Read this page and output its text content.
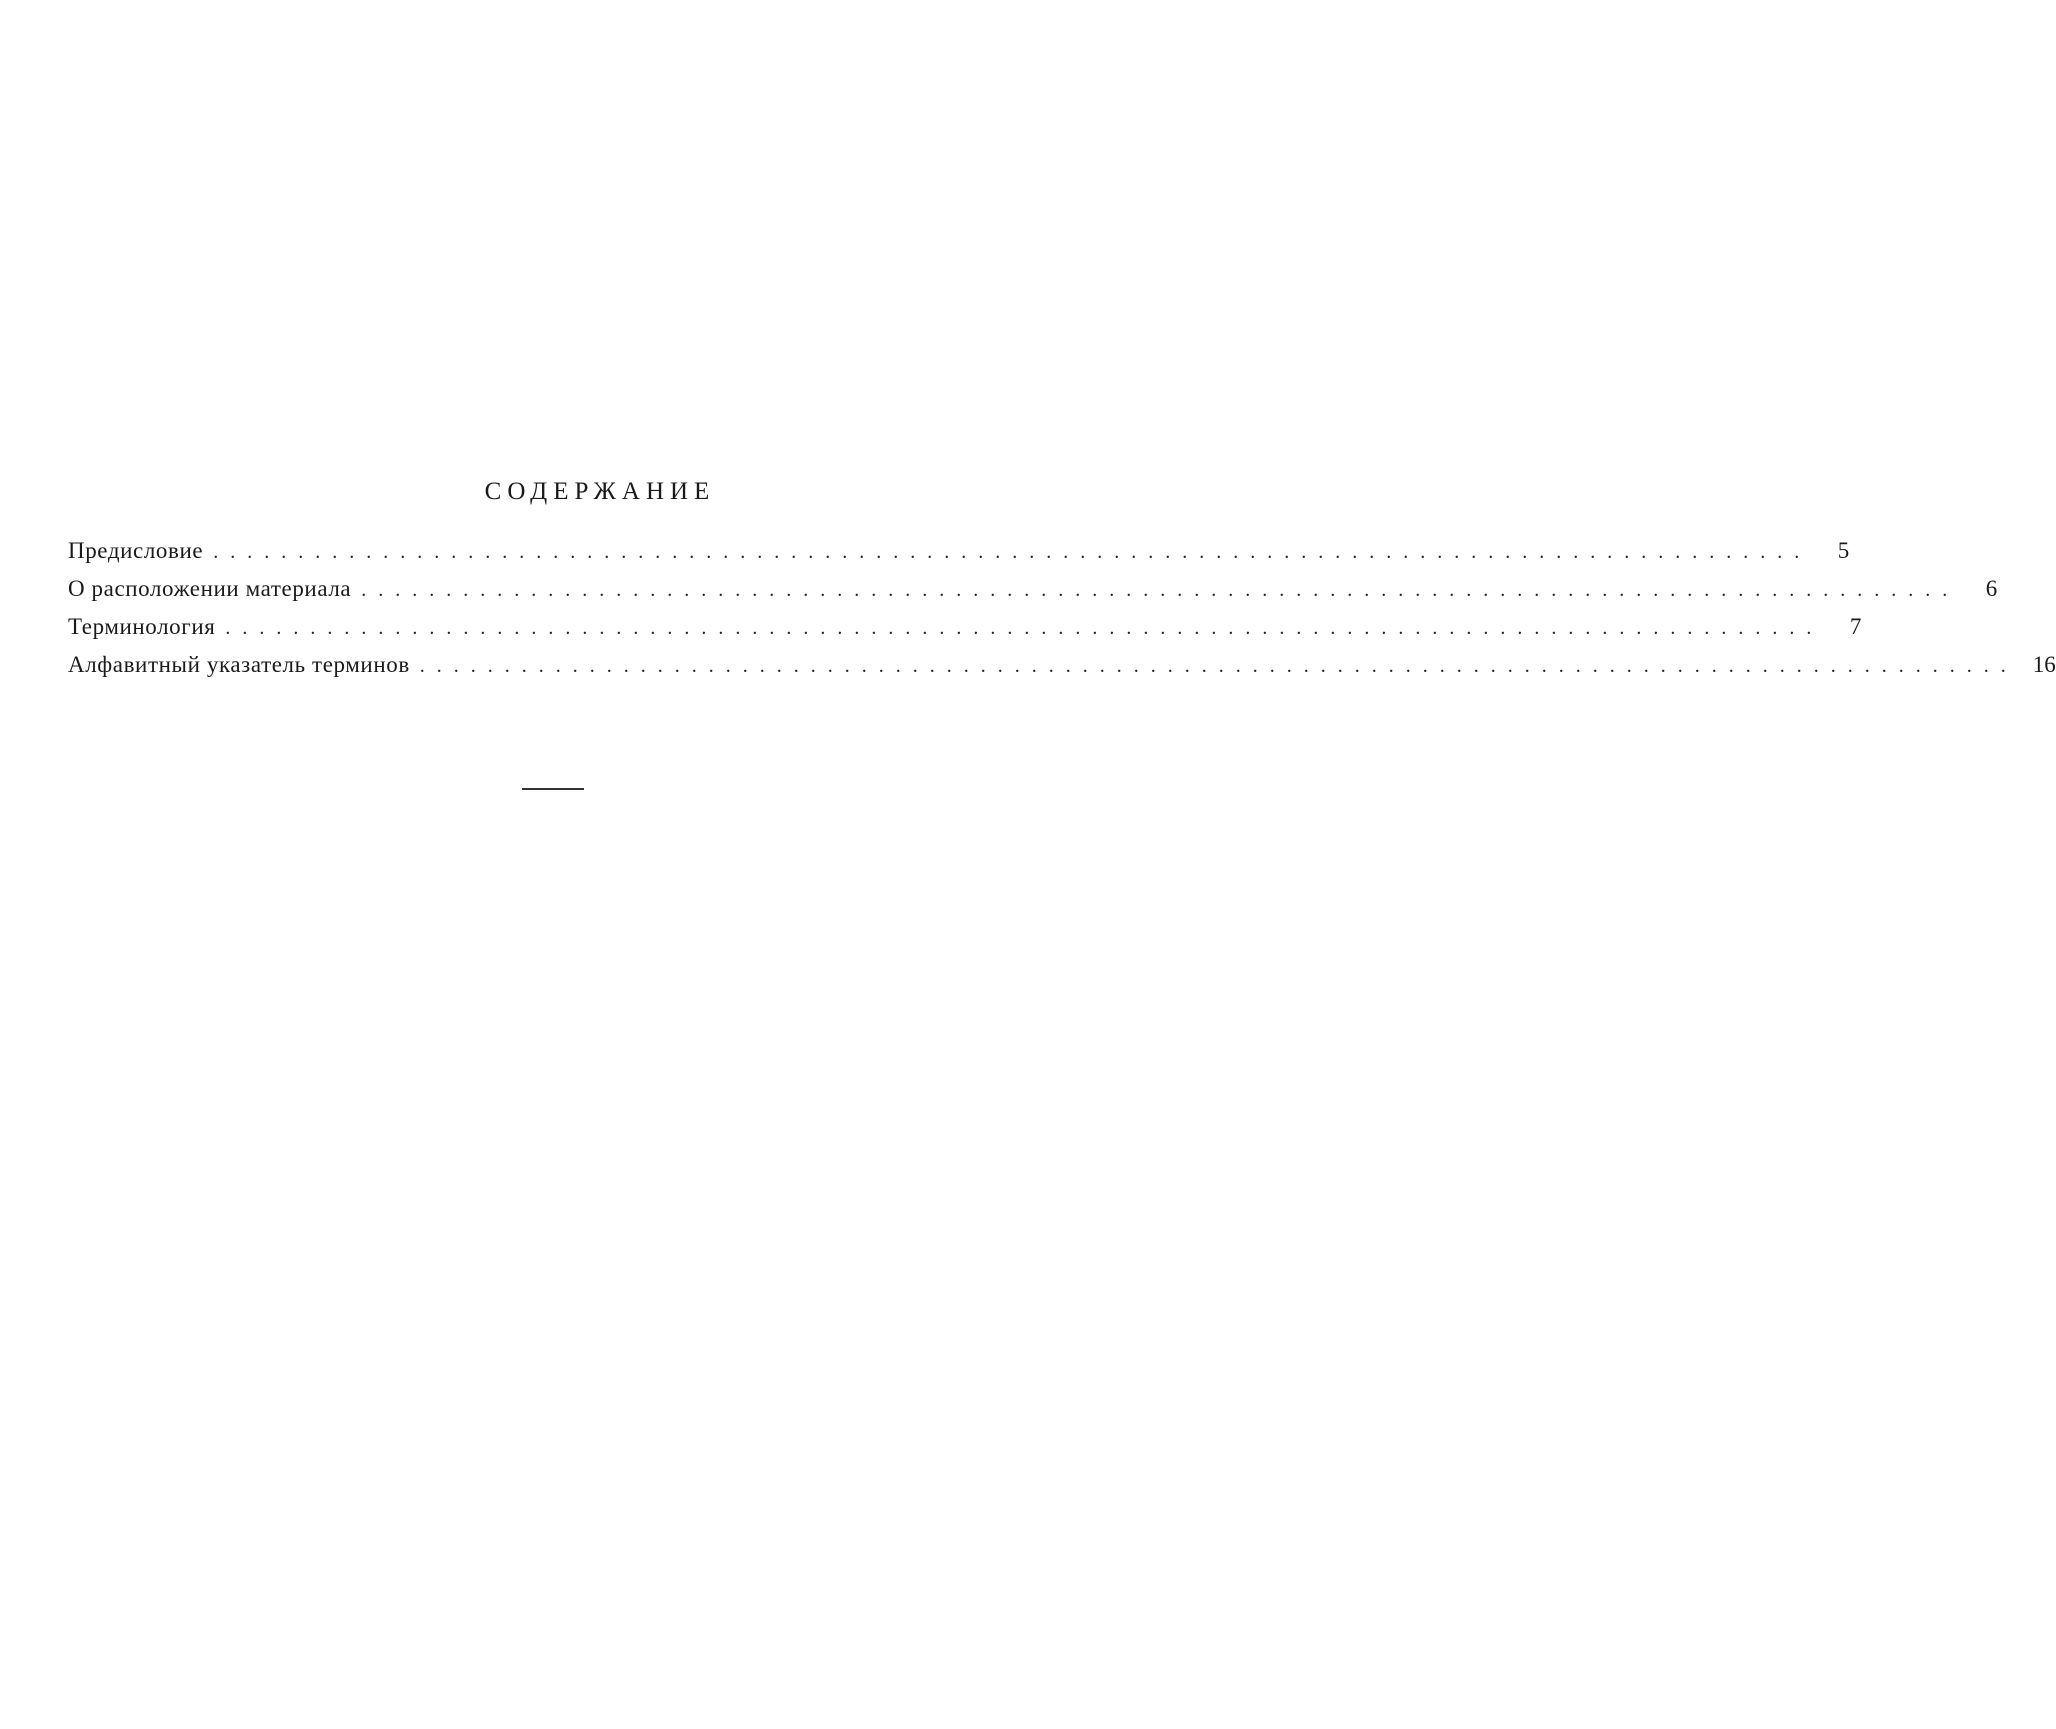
СОДЕРЖАНИЕ
Предисловие ..............................................................................................	5
О расположении материала ..............................................................................................	6
Терминология ..............................................................................................	7
Алфавитный указатель терминов .............................................................................................. 16
